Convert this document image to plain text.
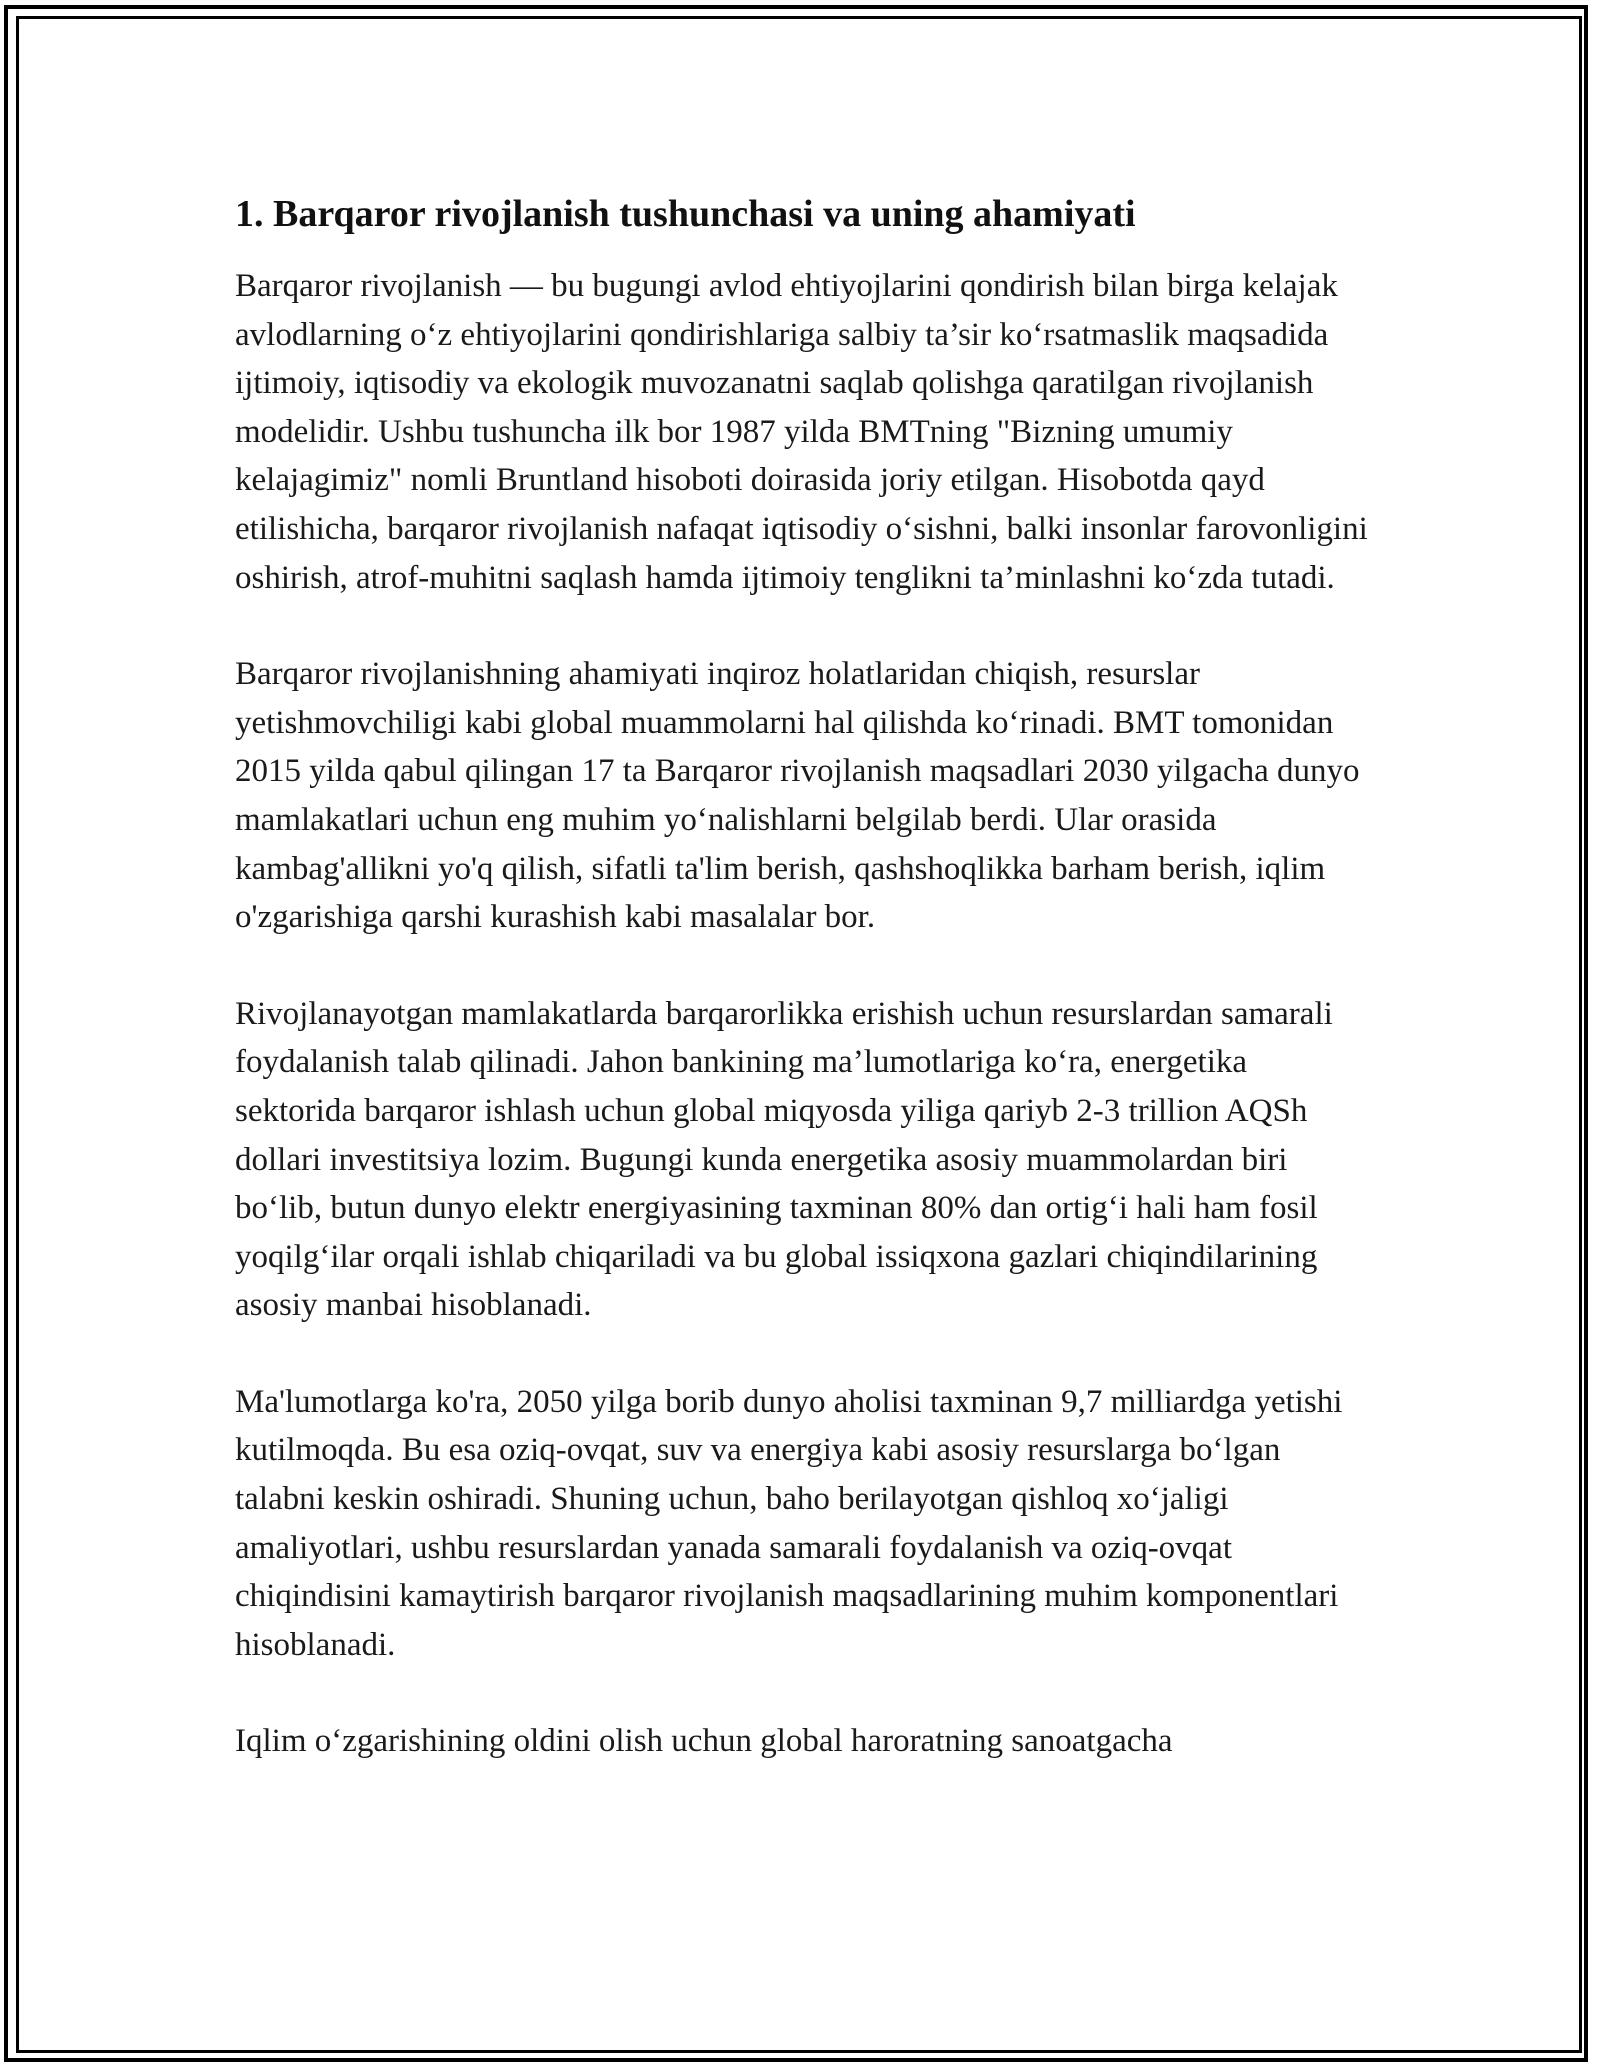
1. Barqaror rivojlanish tushunchasi va uning ahamiyati

Barqaror rivojlanish — bu bugungi avlod ehtiyojlarini qondirish bilan birga kelajak avlodlarning o‘z ehtiyojlarini qondirishlariga salbiy ta’sir ko‘rsatmaslik maqsadida ijtimoiy, iqtisodiy va ekologik muvozanatni saqlab qolishga qaratilgan rivojlanish modelidir. Ushbu tushuncha ilk bor 1987 yilda BMTning "Bizning umumiy kelajagimiz" nomli Bruntland hisoboti doirasida joriy etilgan. Hisobotda qayd etilishicha, barqaror rivojlanish nafaqat iqtisodiy o‘sishni, balki insonlar farovonligini oshirish, atrof-muhitni saqlash hamda ijtimoiy tenglikni ta’minlashni ko‘zda tutadi.

Barqaror rivojlanishning ahamiyati inqiroz holatlaridan chiqish, resurslar yetishmovchiligi kabi global muammolarni hal qilishda ko‘rinadi. BMT tomonidan 2015 yilda qabul qilingan 17 ta Barqaror rivojlanish maqsadlari 2030 yilgacha dunyo mamlakatlari uchun eng muhim yo‘nalishlarni belgilab berdi. Ular orasida kambag'allikni yo'q qilish, sifatli ta'lim berish, qashshoqlikka barham berish, iqlim o'zgarishiga qarshi kurashish kabi masalalar bor.

Rivojlanayotgan mamlakatlarda barqarorlikka erishish uchun resurslardan samarali foydalanish talab qilinadi. Jahon bankining ma’lumotlariga ko‘ra, energetika sektorida barqaror ishlash uchun global miqyosda yiliga qariyb 2-3 trillion AQSh dollari investitsiya lozim. Bugungi kunda energetika asosiy muammolardan biri bo‘lib, butun dunyo elektr energiyasining taxminan 80% dan ortig‘i hali ham fosil yoqilg‘ilar orqali ishlab chiqariladi va bu global issiqxona gazlari chiqindilarining asosiy manbai hisoblanadi.

Ma'lumotlarga ko'ra, 2050 yilga borib dunyo aholisi taxminan 9,7 milliardga yetishi kutilmoqda. Bu esa oziq-ovqat, suv va energiya kabi asosiy resurslarga bo‘lgan talabni keskin oshiradi. Shuning uchun, baho berilayotgan qishloq xo‘jaligi amaliyotlari, ushbu resurslardan yanada samarali foydalanish va oziq-ovqat chiqindisini kamaytirish barqaror rivojlanish maqsadlarining muhim komponentlari hisoblanadi.

Iqlim o‘zgarishining oldini olish uchun global haroratning sanoatgacha
